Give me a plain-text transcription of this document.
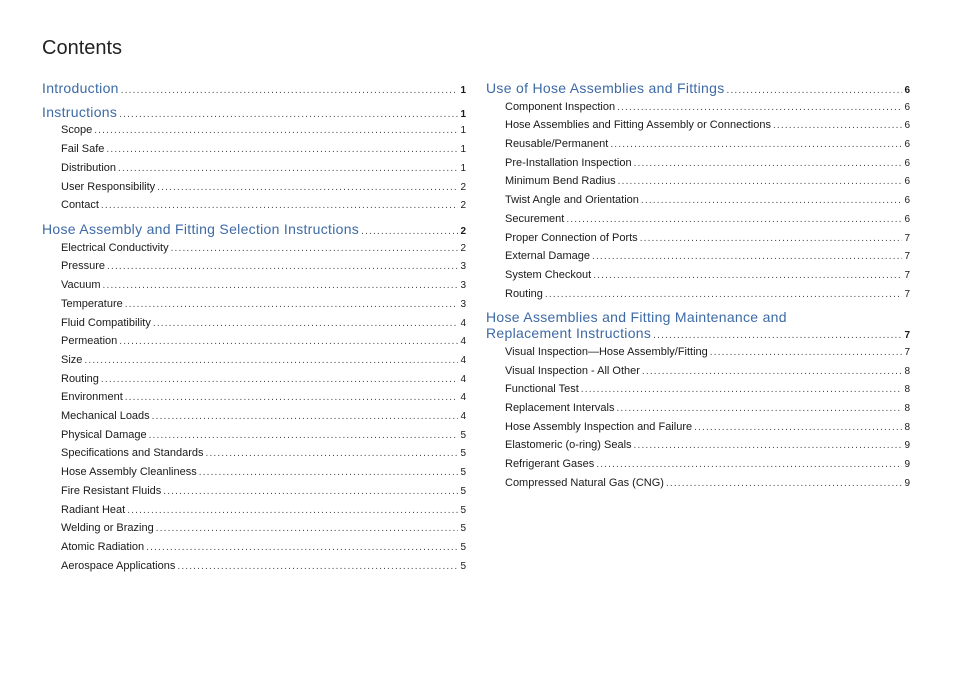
Contents
Introduction . . .	1
Instructions . . .	1
Scope . . .	1
Fail Safe . . .	1
Distribution . . .	1
User Responsibility . . .	2
Contact . . .	2
Hose Assembly and Fitting Selection Instructions . . .	2
Electrical Conductivity . . .	2
Pressure . . .	3
Vacuum . . .	3
Temperature . . .	3
Fluid Compatibility . . .	4
Permeation . . .	4
Size . . .	4
Routing . . .	4
Environment . . .	4
Mechanical Loads . . .	4
Physical Damage . . .	5
Specifications and Standards . . .	5
Hose Assembly Cleanliness . . .	5
Fire Resistant Fluids . . .	5
Radiant Heat . . .	5
Welding or Brazing . . .	5
Atomic Radiation . . .	5
Aerospace Applications . . .	5
Use of Hose Assemblies and Fittings . . .	6
Component Inspection . . .	6
Hose Assemblies and Fitting Assembly or Connections . . .	6
Reusable/Permanent . . .	6
Pre-Installation Inspection . . .	6
Minimum Bend Radius . . .	6
Twist Angle and Orientation . . .	6
Securement . . .	6
Proper Connection of Ports . . .	7
External Damage . . .	7
System Checkout . . .	7
Routing . . .	7
Hose Assemblies and Fitting Maintenance and
Replacement Instructions . . .	7
Visual Inspection—Hose Assembly/Fitting . . .	7
Visual Inspection - All Other . . .	8
Functional Test . . .	8
Replacement Intervals . . .	8
Hose Assembly Inspection and Failure . . .	8
Elastomeric (o-ring) Seals . . .	9
Refrigerant Gases . . .	9
Compressed Natural Gas (CNG) . . .	9
